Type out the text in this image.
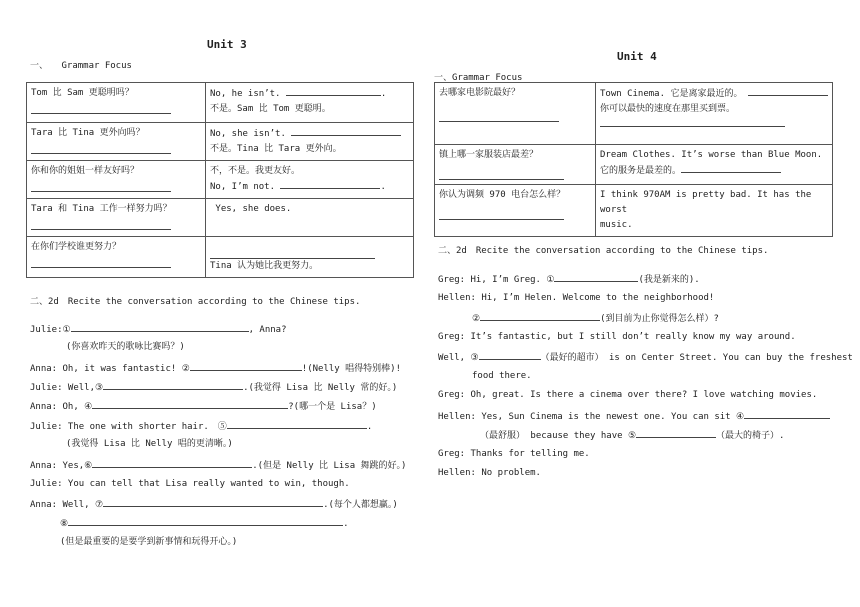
Unit 3
一、　　Grammar Focus
Tom 比 Sam 更聪明吗？	No, he isn’t. .
不是。Sam 比 Tom 更聪明。
Tara 比 Tina 更外向吗？	No, she isn’t.
不是。Tina 比 Tara 更外向。
你和你的姐姐一样友好吗？	不，不是。我更友好。
No, I’m not. .
Tara 和 Tina 工作一样努力吗？	Yes, she does.
在你们学校谁更努力？	Tina 认为她比我更努力。
二、2d　Recite the conversation according to the Chinese tips.
Julie:①	, Anna?
(你喜欢昨天的歌咏比赛吗？)
Anna: Oh, it was fantastic! ②	!(Nelly 唱得特别棒)!
Julie: Well,③	.(我觉得 Lisa 比 Nelly 常的好。)
Anna: Oh, ④	?(哪一个是 Lisa？)
Julie: The one with shorter hair.　⑤	.
(我觉得 Lisa 比 Nelly 唱的更清晰。)
Anna: Yes,⑥	.(但是 Nelly 比 Lisa 舞跳的好。)
Julie: You can tell that Lisa really wanted to win, though.
Anna: Well, ⑦	.(每个人都想赢。)
⑧	.
(但是最重要的是要学到新事情和玩得开心。)
Unit 4
一、Grammar Focus
去哪家电影院最好？	Town Cinema. 它是离家最近的。
你可以最快的速度在那里买到票。

镇上哪一家服装店最差？	Dream Clothes. It’s worse than Blue Moon.
它的服务是最差的。
你认为调频 970 电台怎么样？	I think 970AM is pretty bad. It has the worst
music.
二、2d　Recite the conversation according to the Chinese tips.
Greg: Hi, I’m Greg. ①	(我是新来的).
Hellen: Hi, I’m Helen. Welcome to the neighborhood!
②	(到目前为止你觉得怎么样）?
Greg: It’s fantastic, but I still don’t really know my way around.
Well, ③	（最好的超市） is on Center Street. You can buy the freshest
food there.
Greg: Oh, great. Is there a cinema over there? I love watching movies.
Hellen: Yes, Sun Cinema is the newest one. You can sit ④
（最舒服） because they have ⑤	（最大的椅子）.
Greg: Thanks for telling me.
Hellen: No problem.
